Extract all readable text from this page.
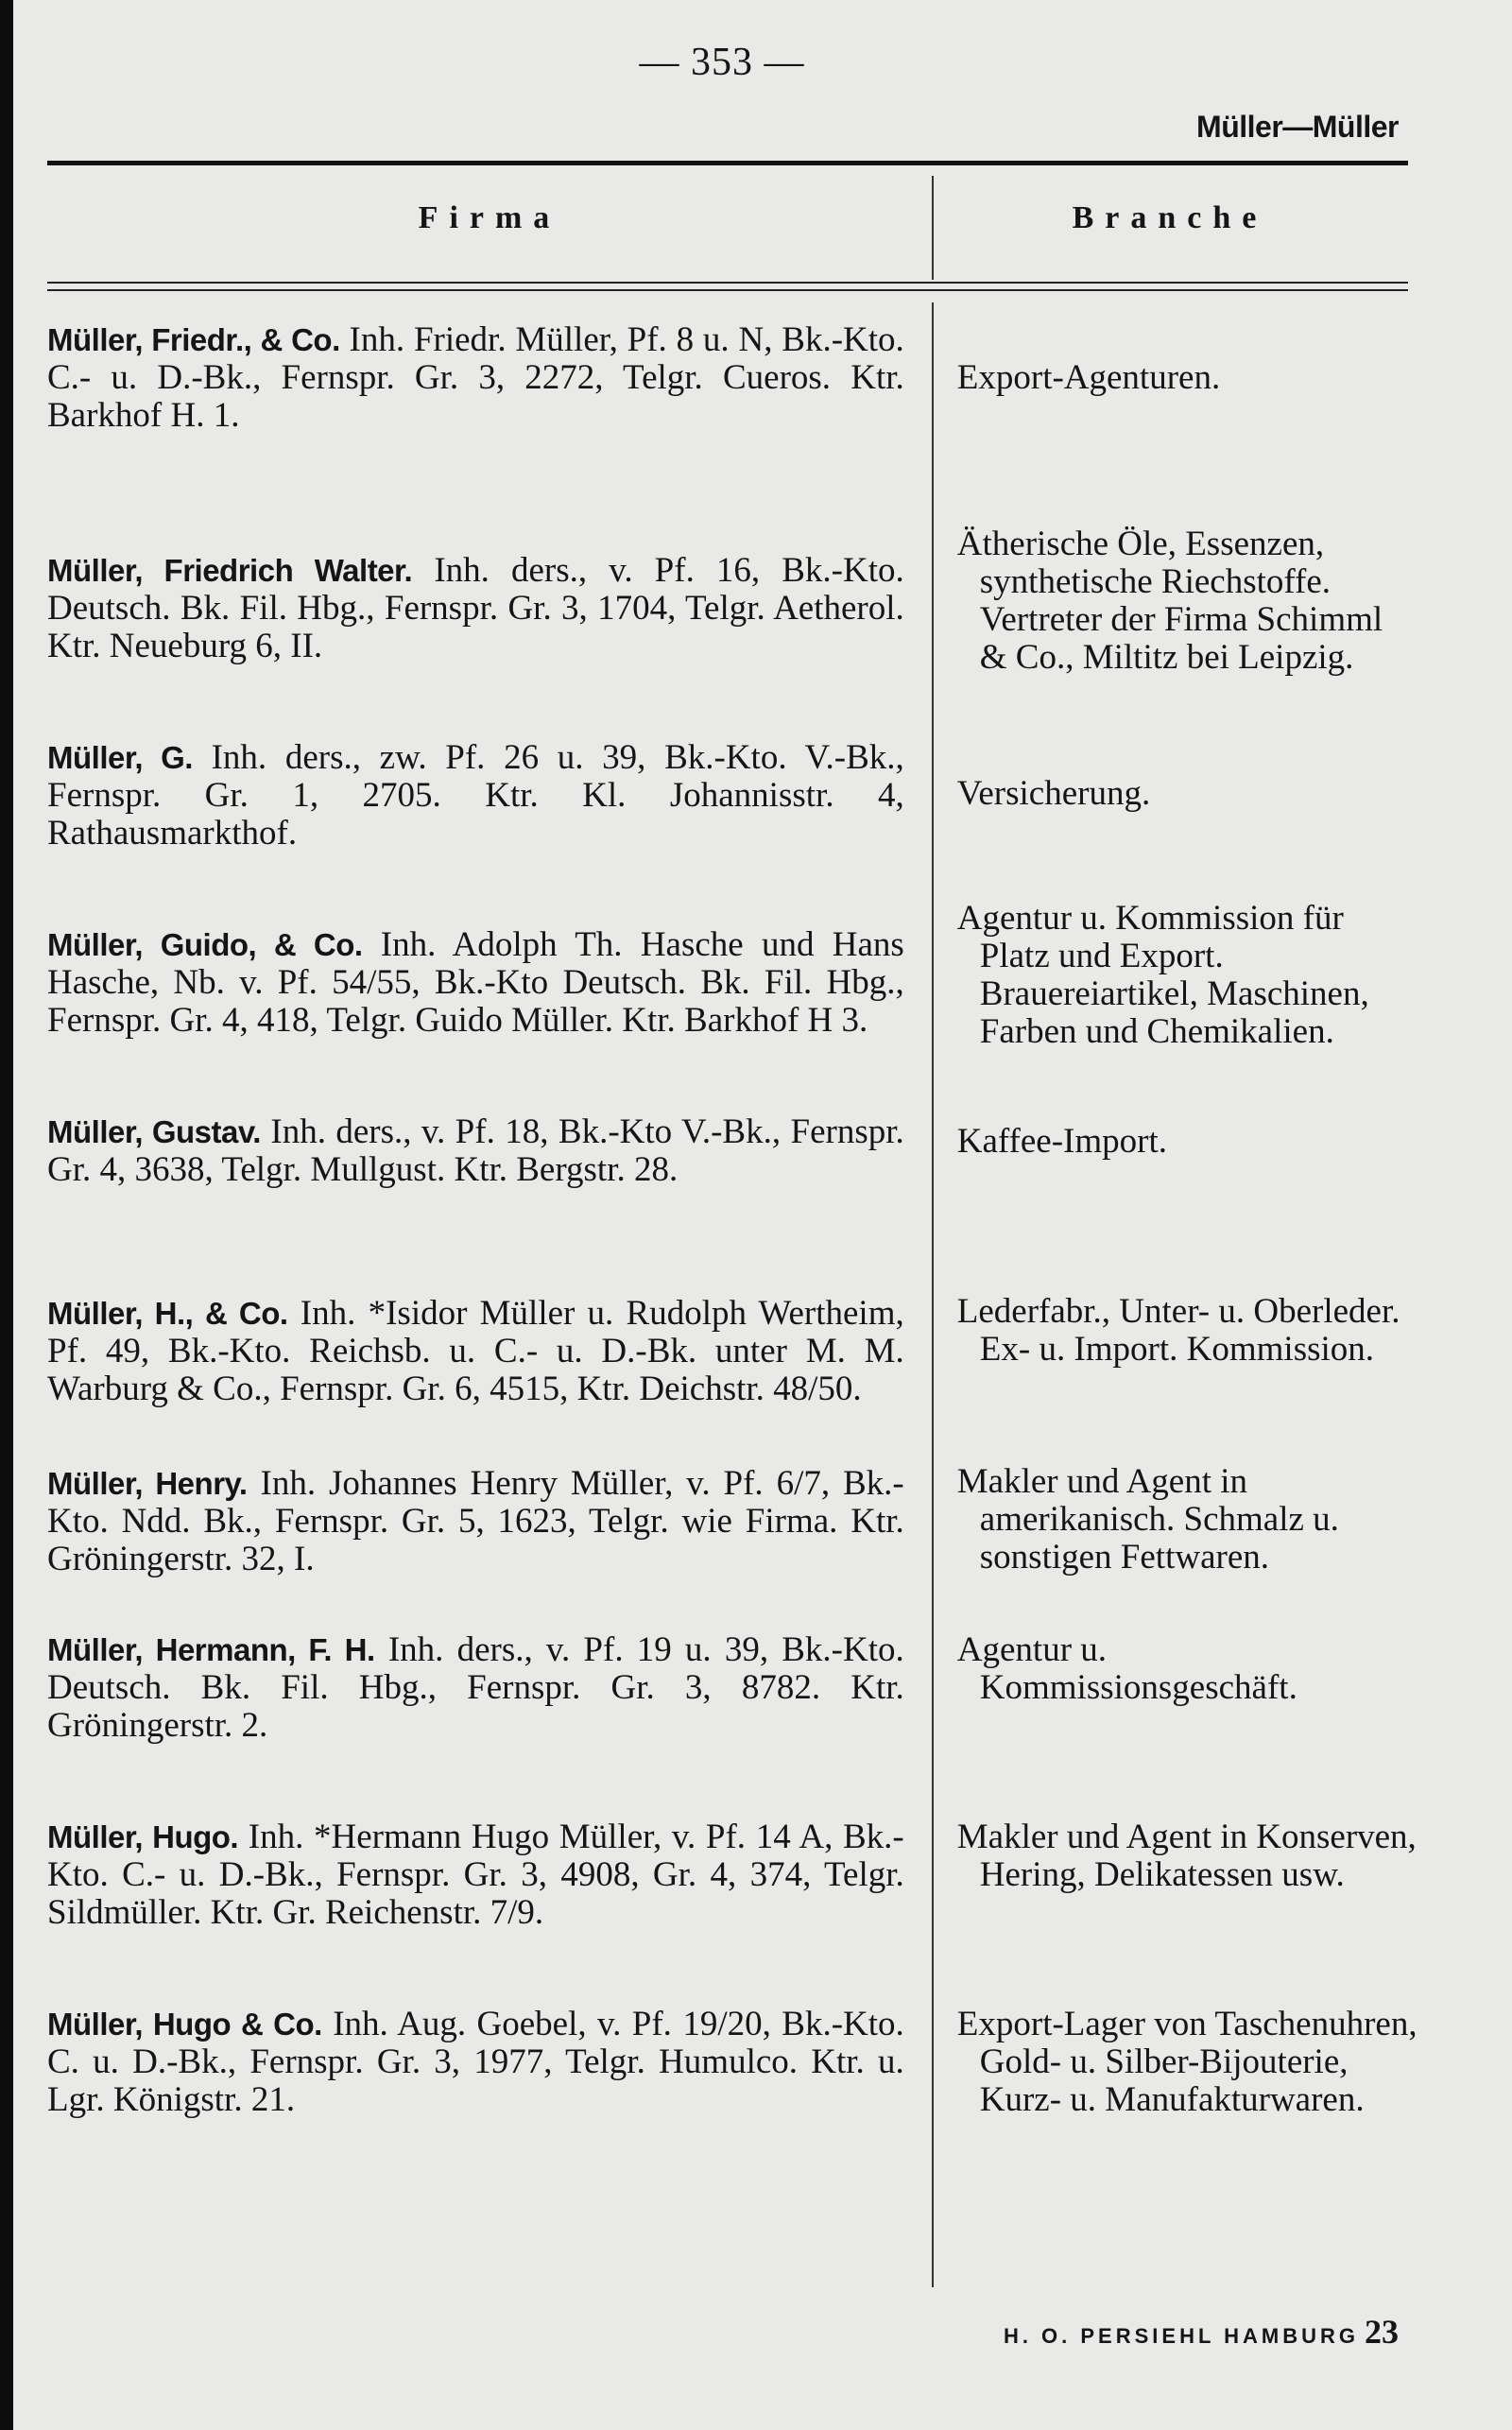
— 353 —
Müller—Müller
Firma	Branche
Müller, Friedr., & Co. Inh. Friedr. Müller, Pf. 8 u. N, Bk.-Kto. C.- u. D.-Bk., Fernspr. Gr. 3, 2272, Telgr. Cueros. Ktr. Barkhof H. 1.
Export-Agenturen.
Müller, Friedrich Walter. Inh. ders., v. Pf. 16, Bk.-Kto. Deutsch. Bk. Fil. Hbg., Fernspr. Gr. 3, 1704, Telgr. Aetherol. Ktr. Neueburg 6, II.
Ätherische Öle, Essenzen, synthetische Riechstoffe. Vertreter der Firma Schimml & Co., Miltitz bei Leipzig.
Müller, G. Inh. ders., zw. Pf. 26 u. 39, Bk.-Kto. V.-Bk., Fernspr. Gr. 1, 2705. Ktr. Kl. Johannisstr. 4, Rathausmarkthof.
Versicherung.
Müller, Guido, & Co. Inh. Adolph Th. Hasche und Hans Hasche, Nb. v. Pf. 54/55, Bk.-Kto Deutsch. Bk. Fil. Hbg., Fernspr. Gr. 4, 418, Telgr. Guido Müller. Ktr. Barkhof H 3.
Agentur u. Kommission für Platz und Export. Brauereiartikel, Maschinen, Farben und Chemikalien.
Müller, Gustav. Inh. ders., v. Pf. 18, Bk.-Kto V.-Bk., Fernspr. Gr. 4, 3638, Telgr. Mullgust. Ktr. Bergstr. 28.
Kaffee-Import.
Müller, H., & Co. Inh. *Isidor Müller u. Rudolph Wertheim, Pf. 49, Bk.-Kto. Reichsb. u. C.- u. D.-Bk. unter M. M. Warburg & Co., Fernspr. Gr. 6, 4515, Ktr. Deichstr. 48/50.
Lederfabr., Unter- u. Oberleder. Ex- u. Import. Kommission.
Müller, Henry. Inh. Johannes Henry Müller, v. Pf. 6/7, Bk.-Kto. Ndd. Bk., Fernspr. Gr. 5, 1623, Telgr. wie Firma. Ktr. Gröningerstr. 32, I.
Makler und Agent in amerikanisch. Schmalz u. sonstigen Fettwaren.
Müller, Hermann, F. H. Inh. ders., v. Pf. 19 u. 39, Bk.-Kto. Deutsch. Bk. Fil. Hbg., Fernspr. Gr. 3, 8782. Ktr. Gröningerstr. 2.
Agentur u. Kommissionsgeschäft.
Müller, Hugo. Inh. *Hermann Hugo Müller, v. Pf. 14 A, Bk.-Kto. C.- u. D.-Bk., Fernspr. Gr. 3, 4908, Gr. 4, 374, Telgr. Sildmüller. Ktr. Gr. Reichenstr. 7/9.
Makler und Agent in Konserven, Hering, Delikatessen usw.
Müller, Hugo & Co. Inh. Aug. Goebel, v. Pf. 19/20, Bk.-Kto. C. u. D.-Bk., Fernspr. Gr. 3, 1977, Telgr. Humulco. Ktr. u. Lgr. Königstr. 21.
Export-Lager von Taschenuhren, Gold- u. Silber-Bijouterie, Kurz- u. Manufakturwaren.
H. O. PERSIEHL HAMBURG 23
